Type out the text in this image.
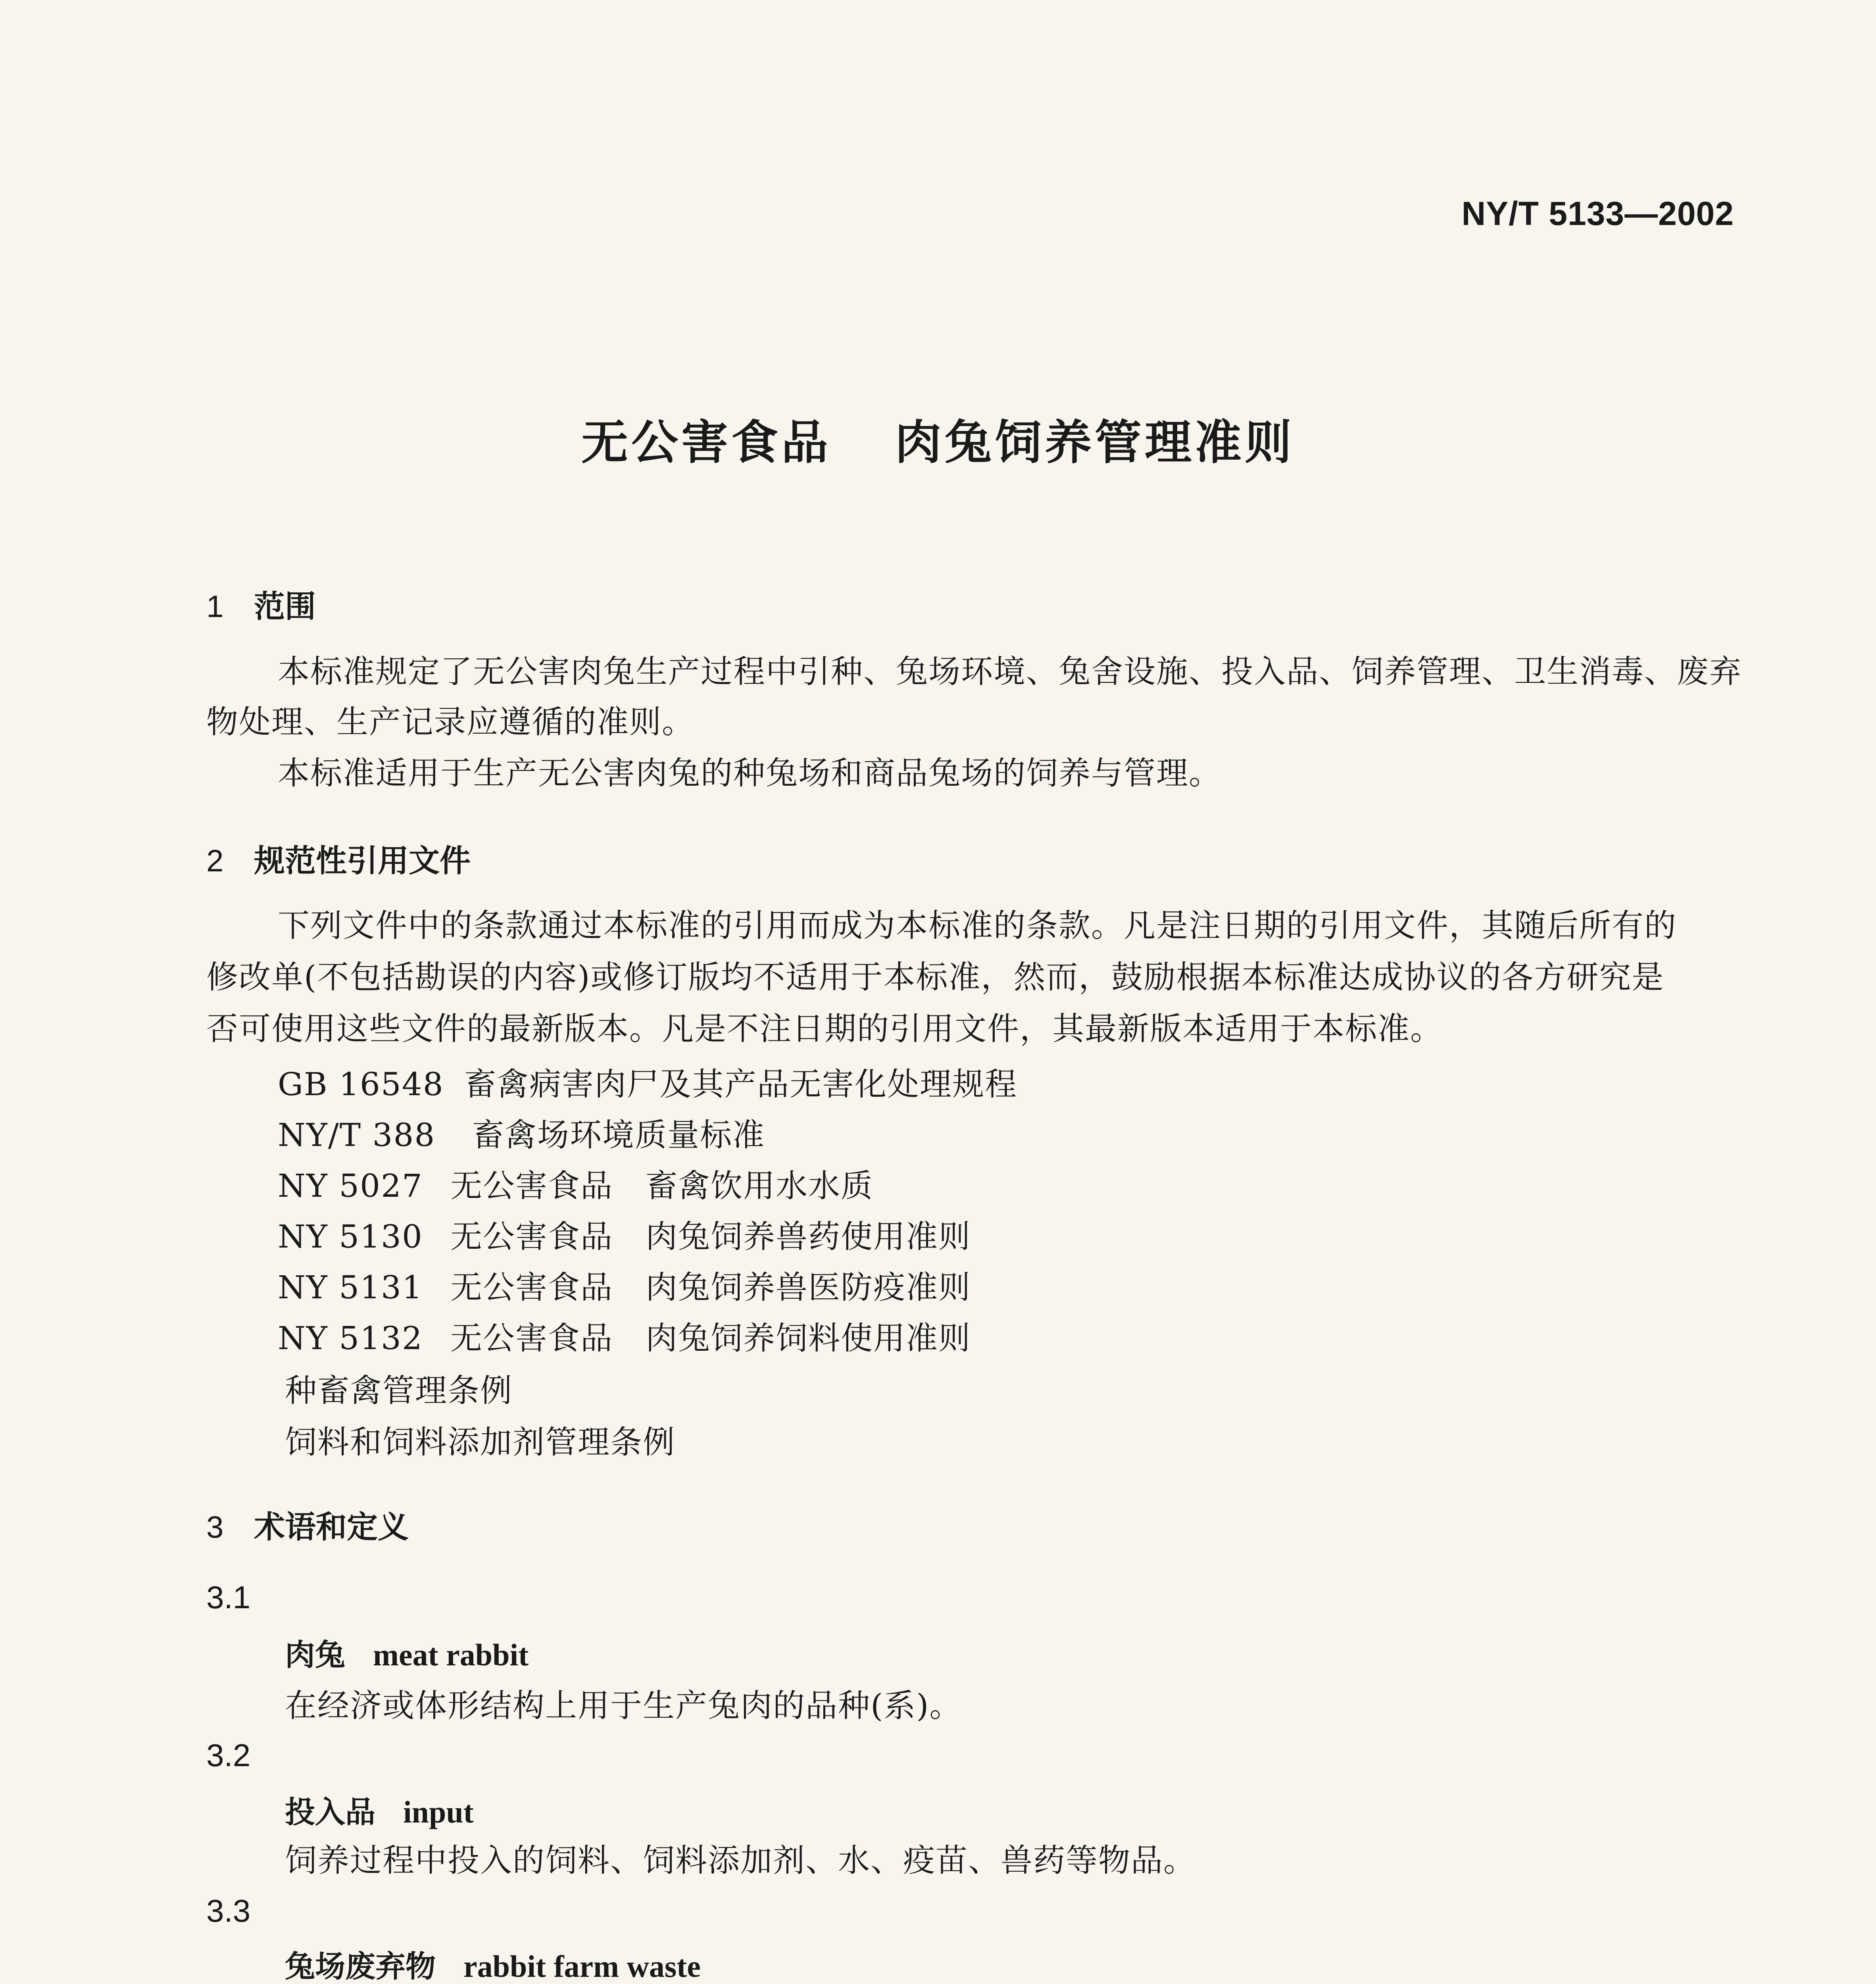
NY/T 5133—2002
无公害食品 肉兔饲养管理准则
1 范围
本标准规定了无公害肉兔生产过程中引种、兔场环境、兔舍设施、投入品、饲养管理、卫生消毒、废弃
物处理、生产记录应遵循的准则。
本标准适用于生产无公害肉兔的种兔场和商品兔场的饲养与管理。
2 规范性引用文件
下列文件中的条款通过本标准的引用而成为本标准的条款。凡是注日期的引用文件，其随后所有的
修改单(不包括勘误的内容)或修订版均不适用于本标准，然而，鼓励根据本标准达成协议的各方研究是
否可使用这些文件的最新版本。凡是不注日期的引用文件，其最新版本适用于本标准。
GB 16548 畜禽病害肉尸及其产品无害化处理规程
NY/T 388 畜禽场环境质量标准
NY 5027 无公害食品　畜禽饮用水水质
NY 5130 无公害食品　肉兔饲养兽药使用准则
NY 5131 无公害食品　肉兔饲养兽医防疫准则
NY 5132 无公害食品　肉兔饲养饲料使用准则
种畜禽管理条例
饲料和饲料添加剂管理条例
3 术语和定义
3.1
肉兔 meat rabbit
在经济或体形结构上用于生产兔肉的品种(系)。
3.2
投入品 input
饲养过程中投入的饲料、饲料添加剂、水、疫苗、兽药等物品。
3.3
兔场废弃物 rabbit farm waste
